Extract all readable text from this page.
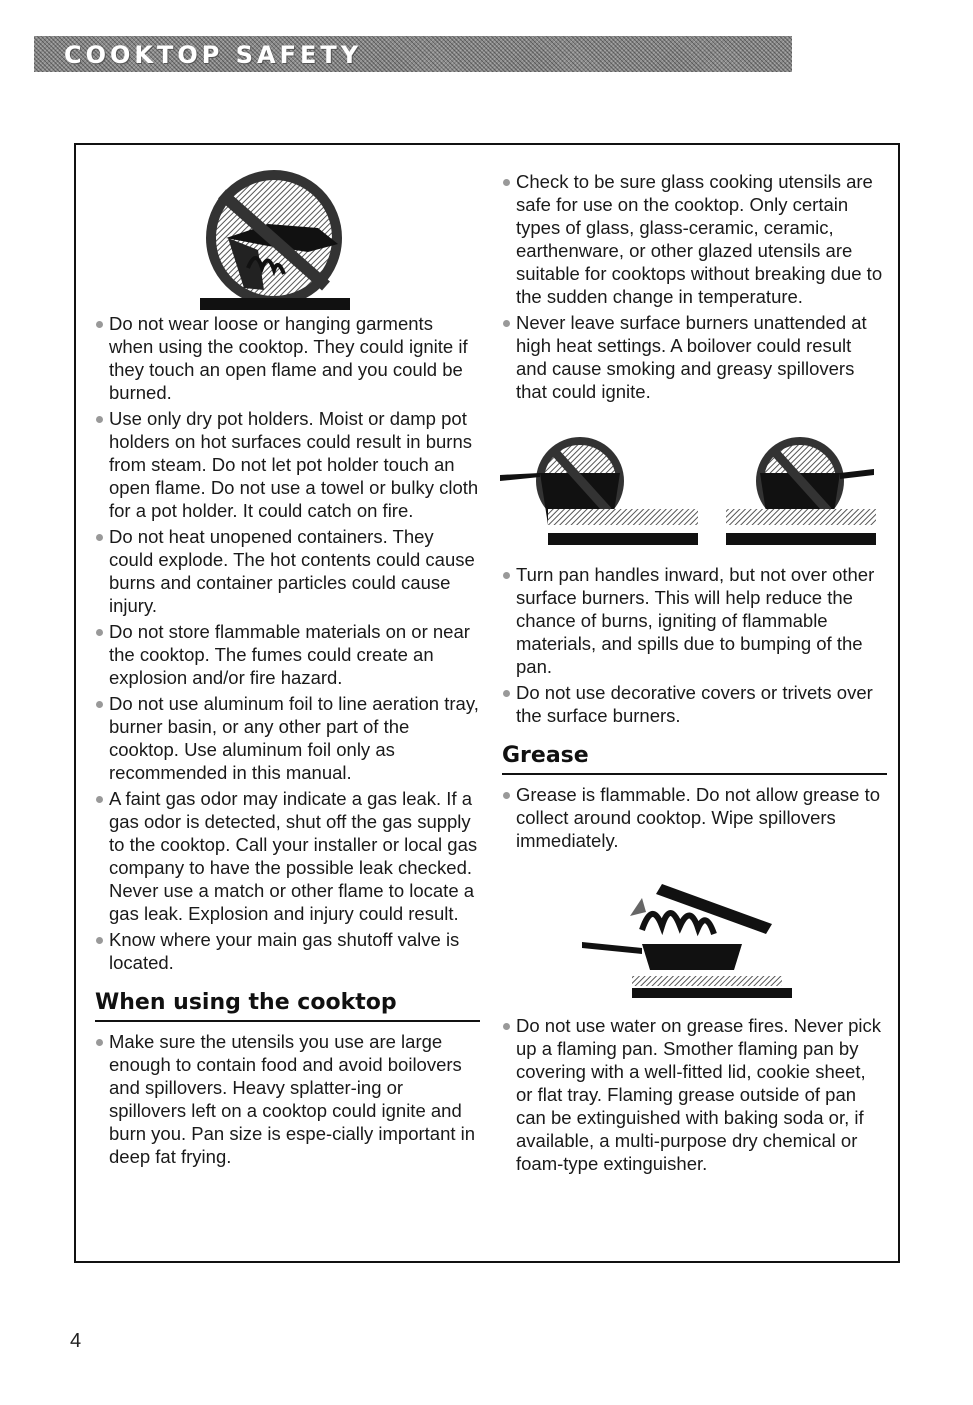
COOKTOP SAFETY
Do not wear loose or hanging garments when using the cooktop. They could ignite if they touch an open flame and you could be burned.
Use only dry pot holders. Moist or damp pot holders on hot surfaces could result in burns from steam. Do not let pot holder touch an open flame. Do not use a towel or bulky cloth for a pot holder. It could catch on fire.
Do not heat unopened containers. They could explode. The hot contents could cause burns and container particles could cause injury.
Do not store flammable materials on or near the cooktop. The fumes could create an explosion and/or fire hazard.
Do not use aluminum foil to line aeration tray, burner basin, or any other part of the cooktop. Use aluminum foil only as recommended in this manual.
A faint gas odor may indicate a gas leak. If a gas odor is detected, shut off the gas supply to the cooktop. Call your installer or local gas company to have the possible leak checked. Never use a match or other flame to locate a gas leak. Explosion and injury could result.
Know where your main gas shutoff valve is located.
When using the cooktop
Make sure the utensils you use are large enough to contain food and avoid boilovers and spillovers. Heavy splatter-ing or spillovers left on a cooktop could ignite and burn you. Pan size is espe-cially important in deep fat frying.
Check to be sure glass cooking utensils are safe for use on the cooktop. Only certain types of glass, glass-ceramic, ceramic, earthenware, or other glazed utensils are suitable for cooktops without breaking due to the sudden change in temperature.
Never leave surface burners unattended at high heat settings. A boilover could result and cause smoking and greasy spillovers that could ignite.
Turn pan handles inward, but not over other surface burners. This will help reduce the chance of burns, igniting of flammable materials, and spills due to bumping of the pan.
Do not use decorative covers or trivets over the surface burners.
Grease
Grease is flammable. Do not allow grease to collect around cooktop. Wipe spillovers immediately.
Do not use water on grease fires. Never pick up a flaming pan. Smother flaming pan by covering with a well-fitted lid, cookie sheet, or flat tray. Flaming grease outside of pan can be extinguished with baking soda or, if available, a multi-purpose dry chemical or foam-type extinguisher.
4
